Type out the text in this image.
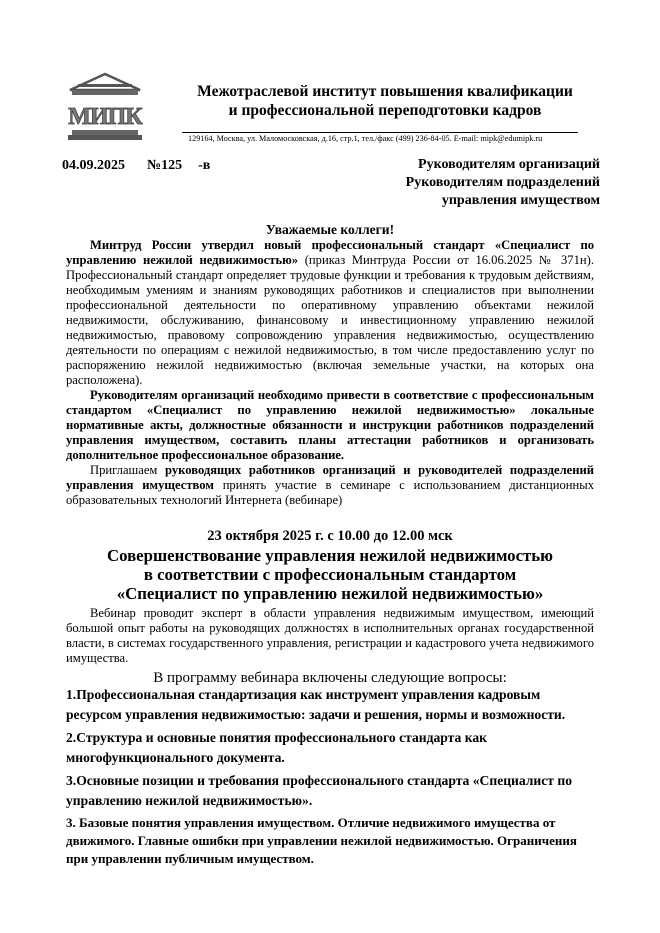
МИПК
Межотраслевой институт повышения квалификации
и профессиональной переподготовки кадров
129164, Москва, ул. Маломосковская, д.16, стр.1, тел./факс (499) 236-84-05. E-mail: mipk@edumipk.ru
04.09.2025 №125 -в	Руководителям организаций
Руководителям подразделений
управления имуществом
Уважаемые коллеги!

Минтруд России утвердил новый профессиональный стандарт «Специалист по управлению нежилой недвижимостью» (приказ Минтруда России от 16.06.2025 № 371н). Профессиональный стандарт определяет трудовые функции и требования к трудовым действиям, необходимым умениям и знаниям руководящих работников и специалистов при выполнении профессиональной деятельности по оперативному управлению объектами нежилой недвижимости, обслуживанию, финансовому и инвестиционному управлению нежилой недвижимостью, правовому сопровождению управления недвижимостью, осуществлению деятельности по операциям с нежилой недвижимостью, в том числе предоставлению услуг по распоряжению нежилой недвижимостью (включая земельные участки, на которых она расположена).

Руководителям организаций необходимо привести в соответствие с профессиональным стандартом «Специалист по управлению нежилой недвижимостью» локальные нормативные акты, должностные обязанности и инструкции работников подразделений управления имуществом, составить планы аттестации работников и организовать дополнительное профессиональное образование.

Приглашаем руководящих работников организаций и руководителей подразделений управления имуществом принять участие в семинаре с использованием дистанционных образовательных технологий Интернета (вебинаре)

23 октября 2025 г. с 10.00 до 12.00 мск
Совершенствование управления нежилой недвижимостью
в соответствии с профессиональным стандартом
«Специалист по управлению нежилой недвижимостью»

Вебинар проводит эксперт в области управления недвижимым имуществом, имеющий большой опыт работы на руководящих должностях в исполнительных органах государственной власти, в системах государственного управления, регистрации и кадастрового учета недвижимого имущества.

В программу вебинара включены следующие вопросы:

1.Профессиональная стандартизация как инструмент управления кадровым ресурсом управления недвижимостью: задачи и решения, нормы и возможности.

2.Структура и основные понятия профессионального стандарта как многофункционального документа.

3.Основные позиции и требования профессионального стандарта «Специалист по управлению нежилой недвижимостью».

3. Базовые понятия управления имуществом. Отличие недвижимого имущества от движимого. Главные ошибки при управлении нежилой недвижимостью. Ограничения при управлении публичным имуществом.
